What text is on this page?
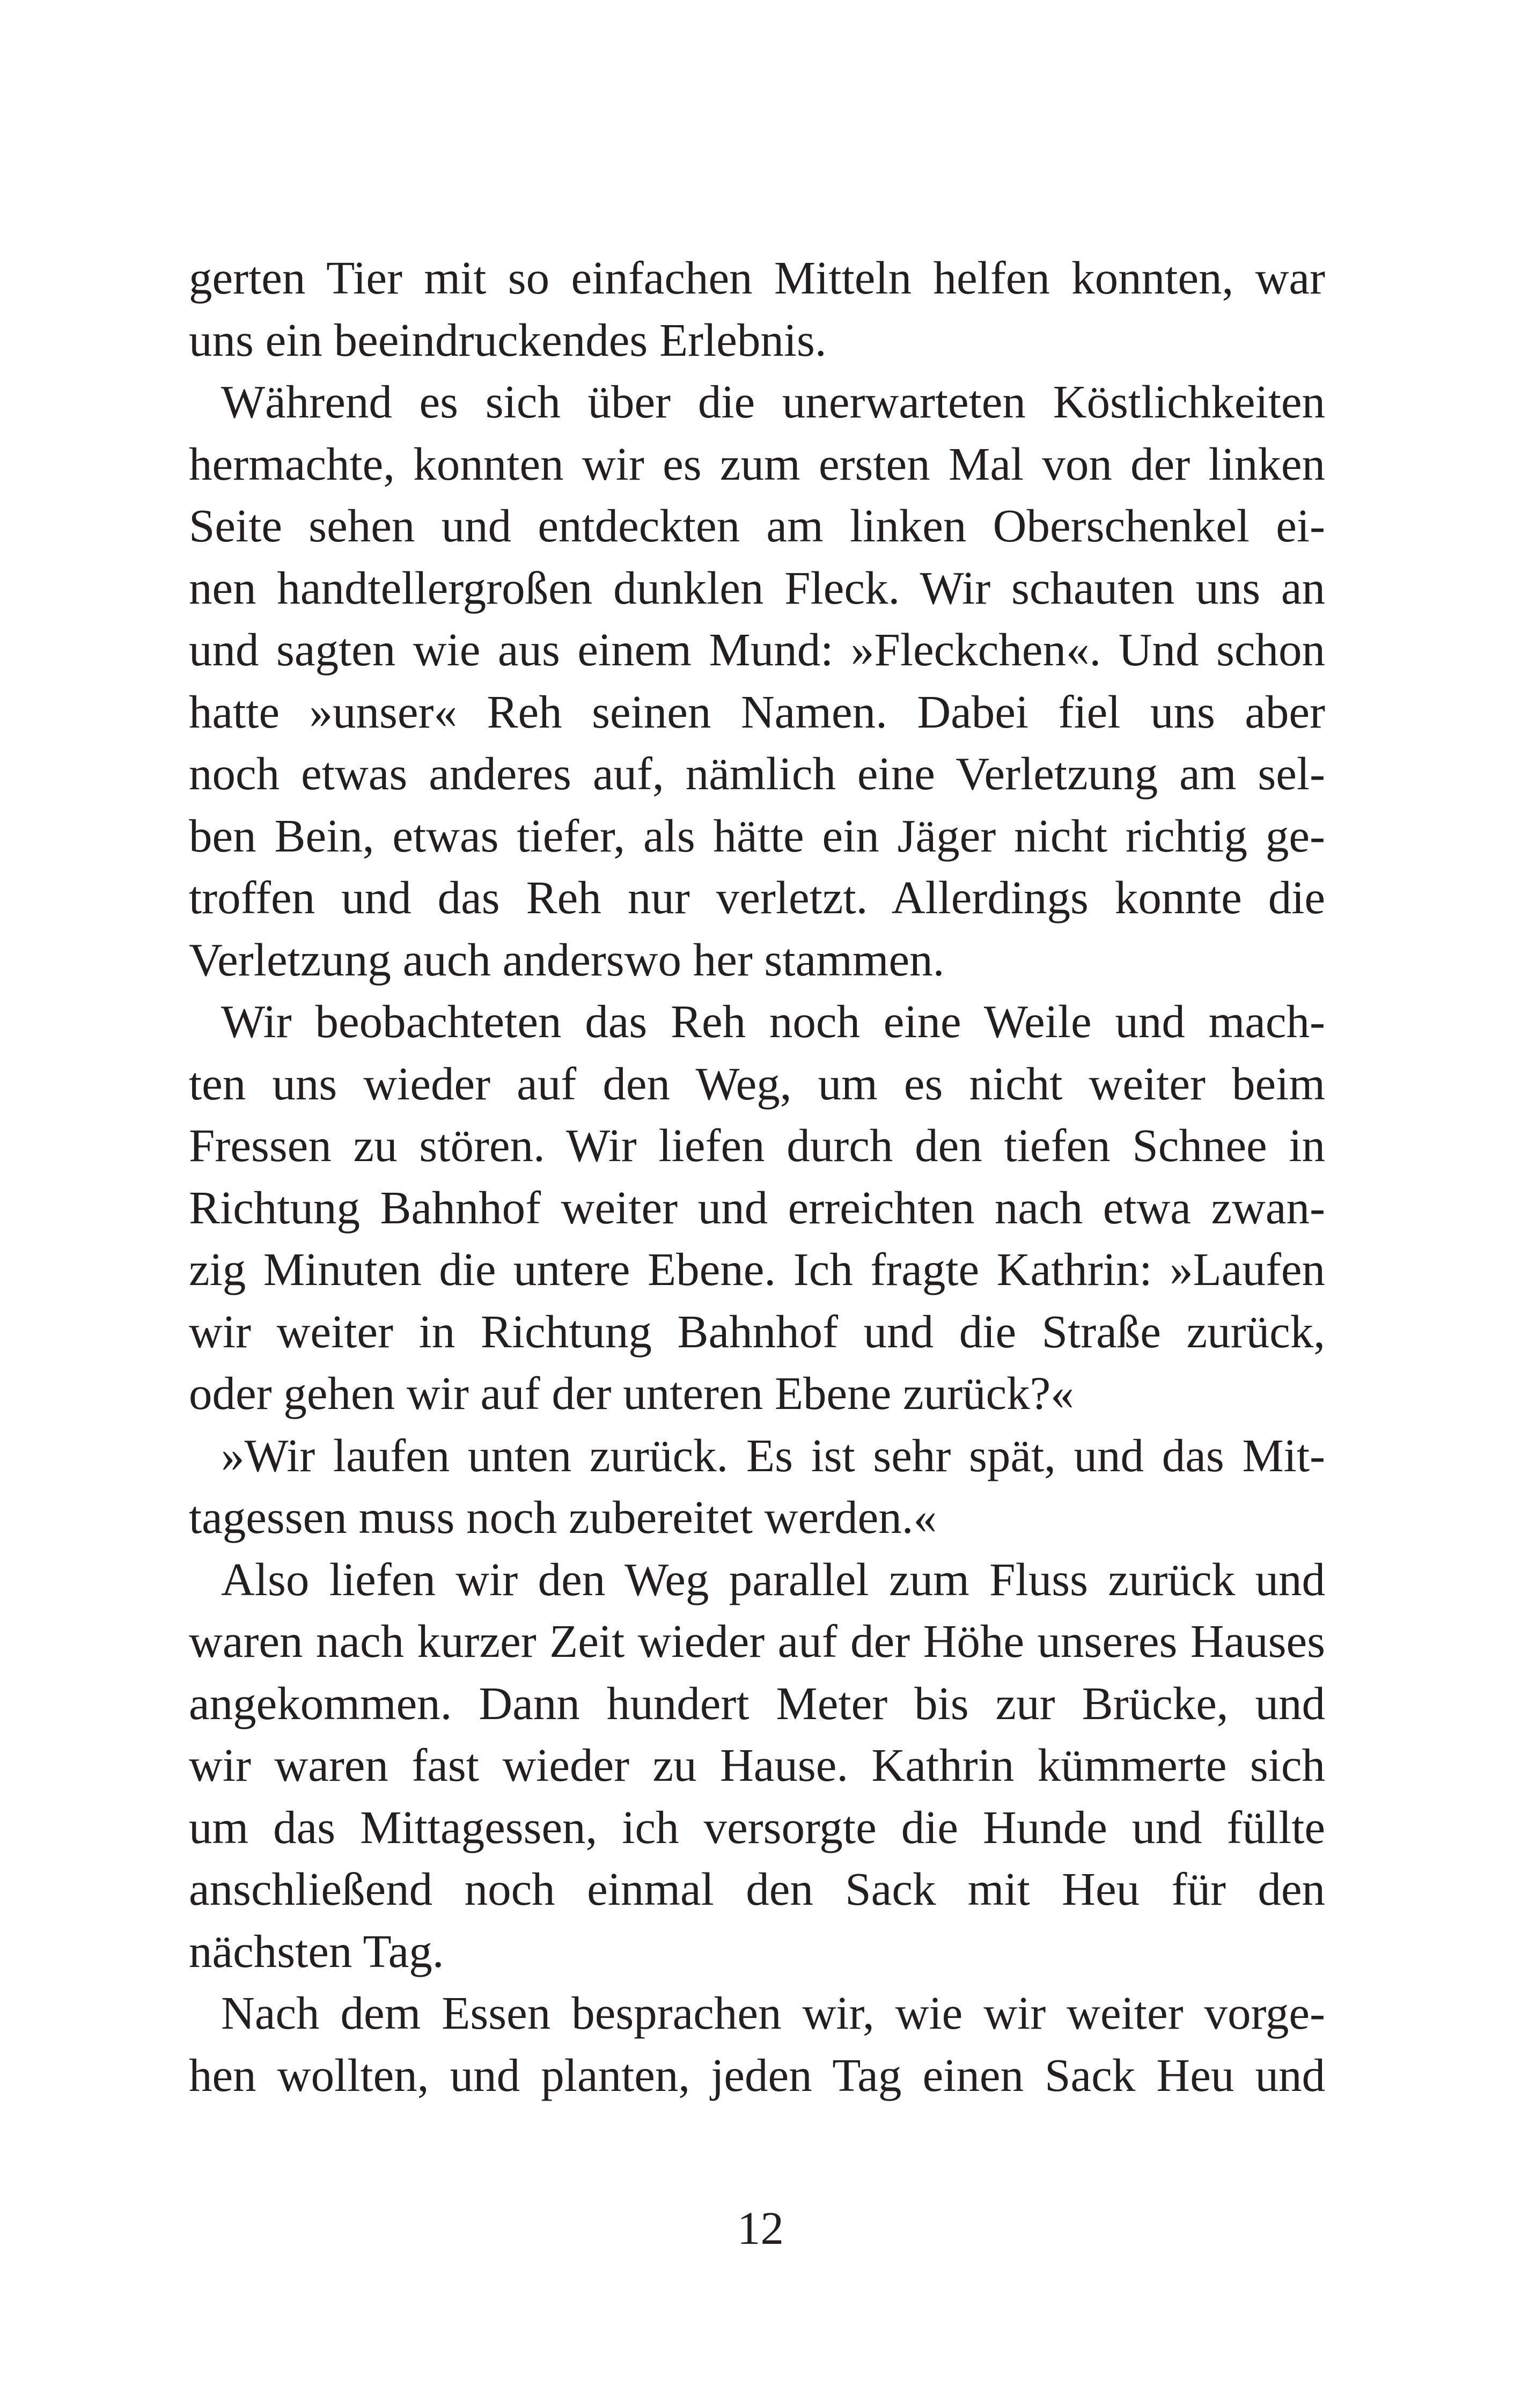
gerten Tier mit so einfachen Mitteln helfen konnten, war
uns ein beeindruckendes Erlebnis.
Während es sich über die unerwarteten Köstlichkeiten
hermachte, konnten wir es zum ersten Mal von der linken
Seite sehen und entdeckten am linken Oberschenkel ei-
nen handtellergroßen dunklen Fleck. Wir schauten uns an
und sagten wie aus einem Mund: »Fleckchen«. Und schon
hatte »unser« Reh seinen Namen. Dabei fiel uns aber
noch etwas anderes auf, nämlich eine Verletzung am sel-
ben Bein, etwas tiefer, als hätte ein Jäger nicht richtig ge-
troffen und das Reh nur verletzt. Allerdings konnte die
Verletzung auch anderswo her stammen.
Wir beobachteten das Reh noch eine Weile und mach-
ten uns wieder auf den Weg, um es nicht weiter beim
Fressen zu stören. Wir liefen durch den tiefen Schnee in
Richtung Bahnhof weiter und erreichten nach etwa zwan-
zig Minuten die untere Ebene. Ich fragte Kathrin: »Laufen
wir weiter in Richtung Bahnhof und die Straße zurück,
oder gehen wir auf der unteren Ebene zurück?«
»Wir laufen unten zurück. Es ist sehr spät, und das Mit-
tagessen muss noch zubereitet werden.«
Also liefen wir den Weg parallel zum Fluss zurück und
waren nach kurzer Zeit wieder auf der Höhe unseres Hauses
angekommen. Dann hundert Meter bis zur Brücke, und
wir waren fast wieder zu Hause. Kathrin kümmerte sich
um das Mittagessen, ich versorgte die Hunde und füllte
anschließend noch einmal den Sack mit Heu für den
nächsten Tag.
Nach dem Essen besprachen wir, wie wir weiter vorge-
hen wollten, und planten, jeden Tag einen Sack Heu und
12
